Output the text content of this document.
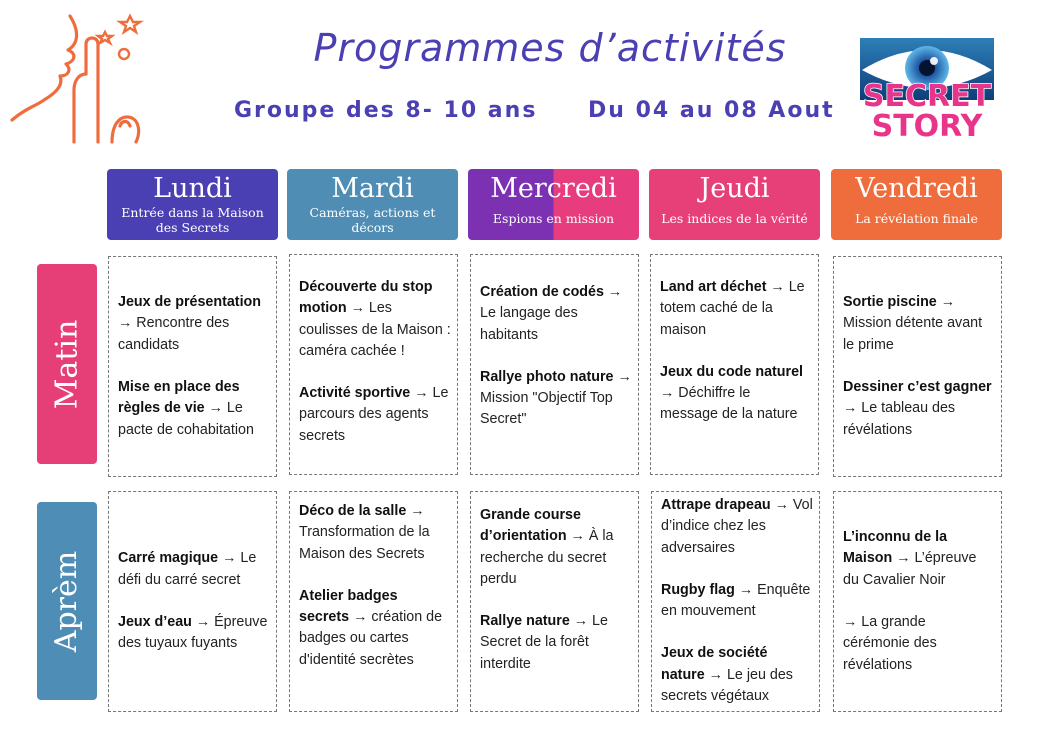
Programmes d’activités
Groupe des 8- 10 ans Du 04 au 08 Aout SECRET
STORY
Lundi
Entrée dans la Maison des Secrets
Mardi
Caméras, actions et décors
Mercredi
Espions en mission
Jeudi
Les indices de la vérité
Vendredi
La révélation finale
Matin
Aprèm

Jeux de présentation → Rencontre des candidats

Mise en place des règles de vie → Le pacte de cohabitation

Découverte du stop motion → Les coulisses de la Maison : caméra cachée !

Activité sportive → Le parcours des agents secrets

Création de codés → Le langage des habitants

Rallye photo nature → Mission "Objectif Top Secret"

Land art déchet → Le totem caché de la maison

Jeux du code naturel → Déchiffre le message de la nature

Sortie piscine → Mission détente avant le prime

Dessiner c’est gagner → Le tableau des révélations

Carré magique → Le défi du carré secret

Jeux d’eau → Épreuve des tuyaux fuyants

Déco de la salle → Transformation de la Maison des Secrets

Atelier badges secrets → création de badges ou cartes d'identité secrètes

Grande course d’orientation → À la recherche du secret perdu

Rallye nature → Le Secret de la forêt interdite

Attrape drapeau → Vol d’indice chez les adversaires

Rugby flag → Enquête en mouvement

Jeux de société nature → Le jeu des secrets végétaux

L’inconnu de la Maison → L’épreuve du Cavalier Noir

→ La grande cérémonie des révélations
